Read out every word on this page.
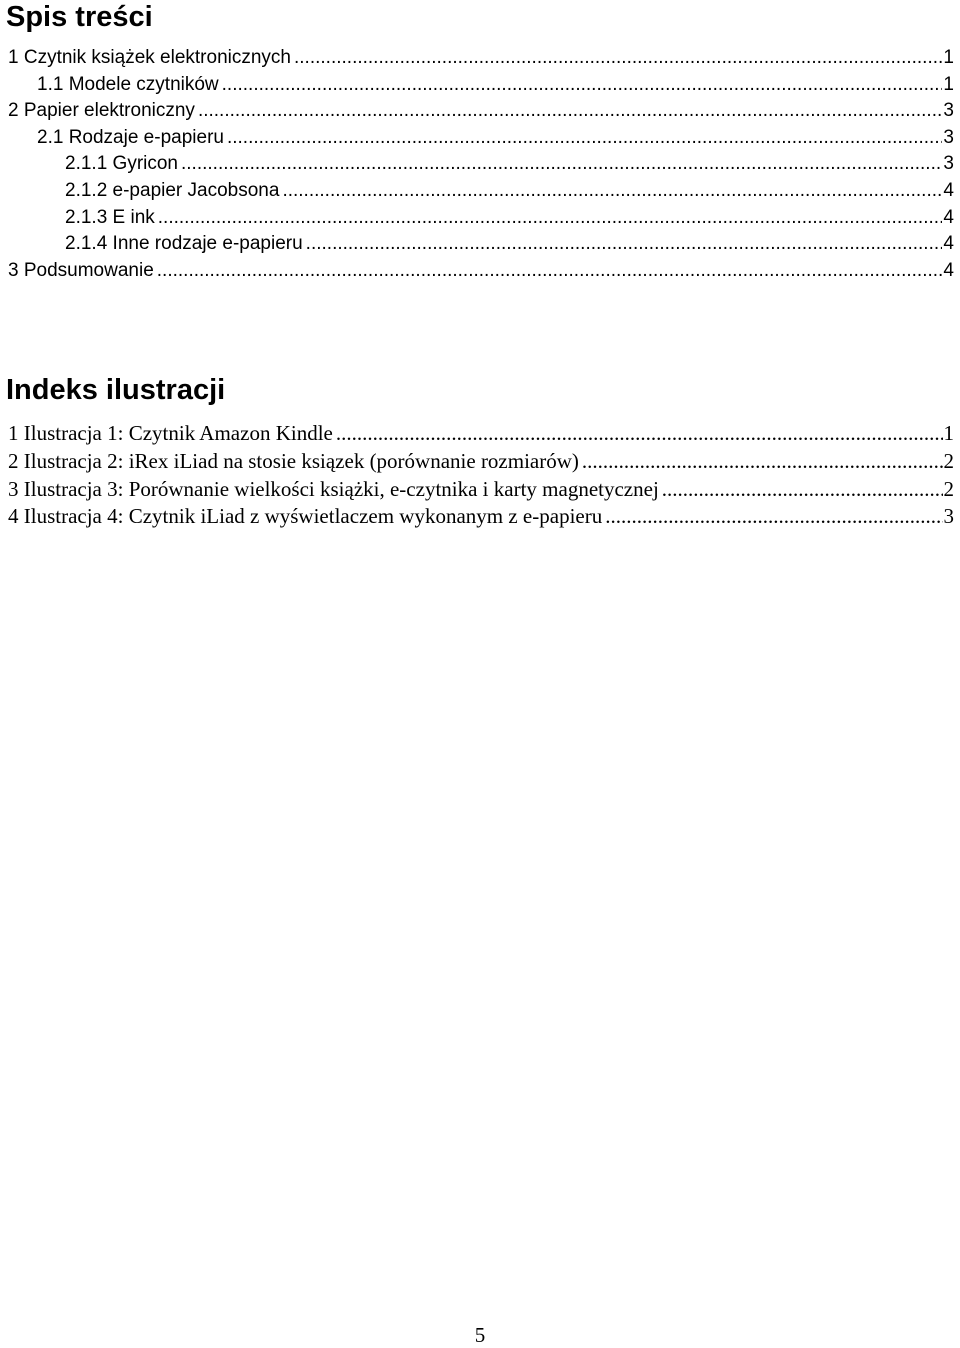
Spis treści
1 Czytnik książek elektronicznych .....	1
1.1 Modele czytników .....	1
2 Papier elektroniczny .....	3
2.1 Rodzaje e-papieru .....	3
2.1.1 Gyricon .....	3
2.1.2 e-papier Jacobsona .....	4
2.1.3 E ink .....	4
2.1.4 Inne rodzaje e-papieru .....	4
3 Podsumowanie .....	4
Indeks ilustracji
1 Ilustracja 1: Czytnik Amazon Kindle .....	1
2 Ilustracja 2: iRex iLiad na stosie ksiązek (porównanie rozmiarów) .....	2
3 Ilustracja 3: Porównanie wielkości książki, e-czytnika i karty magnetycznej .....	2
4 Ilustracja 4: Czytnik iLiad z wyświetlaczem wykonanym z e-papieru .....	3
5
